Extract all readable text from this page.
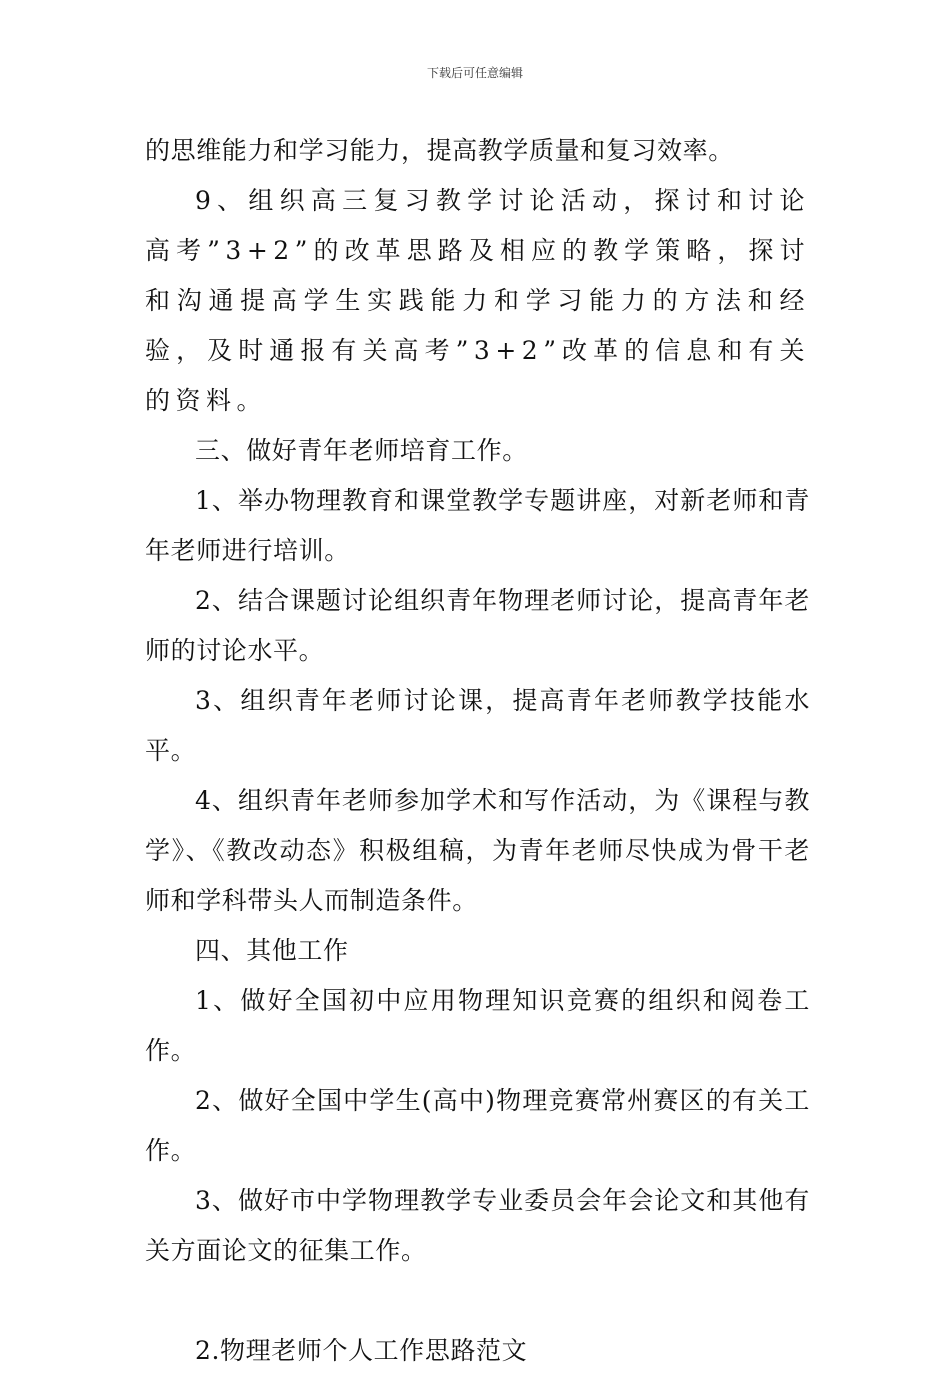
下载后可任意编辑

的思维能力和学习能力，提高教学质量和复习效率。

9、组织高三复习教学讨论活动，探讨和讨论高考”3+2”的改革思路及相应的教学策略，探讨和沟通提高学生实践能力和学习能力的方法和经验，及时通报有关高考”3+2”改革的信息和有关的资料。

三、做好青年老师培育工作。

1、举办物理教育和课堂教学专题讲座，对新老师和青年老师进行培训。

2、结合课题讨论组织青年物理老师讨论，提高青年老师的讨论水平。

3、组织青年老师讨论课，提高青年老师教学技能水平。

4、组织青年老师参加学术和写作活动，为《课程与教学》、《教改动态》积极组稿，为青年老师尽快成为骨干老师和学科带头人而制造条件。

四、其他工作

1、做好全国初中应用物理知识竞赛的组织和阅卷工作。

2、做好全国中学生(高中)物理竞赛常州赛区的有关工作。

3、做好市中学物理教学专业委员会年会论文和其他有关方面论文的征集工作。

2.物理老师个人工作思路范文
